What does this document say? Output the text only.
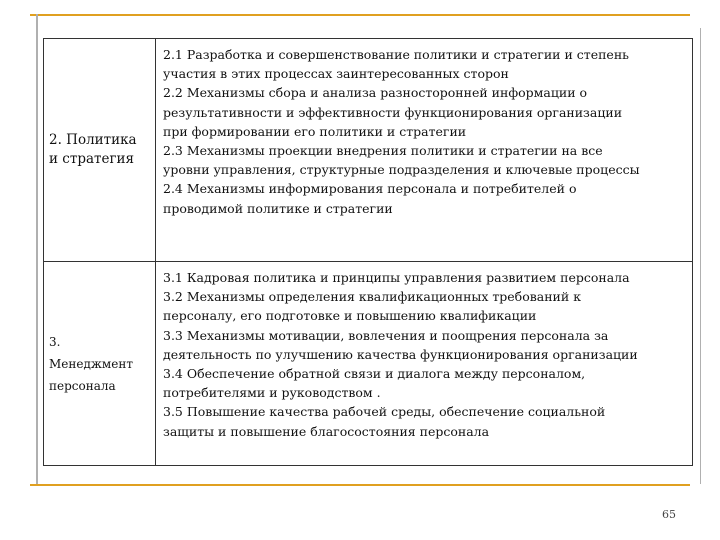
2. Политика
и стратегия
2.1 Разработка и совершенствование политики и стратегии и степень
участия в этих процессах заинтересованных сторон
2.2 Механизмы сбора и анализа разносторонней информации о
результативности и эффективности функционирования организации
при формировании его политики и стратегии
2.3 Механизмы проекции внедрения политики и стратегии на все
уровни управления, структурные подразделения и ключевые процессы
2.4 Механизмы информирования персонала и потребителей о
проводимой политике и стратегии
3.
Менеджмент
персонала
3.1 Кадровая политика и принципы управления развитием персонала
3.2 Механизмы определения квалификационных требований к
персоналу, его подготовке и повышению квалификации
3.3 Механизмы мотивации, вовлечения и поощрения персонала за
деятельность по улучшению качества функционирования организации
3.4 Обеспечение обратной связи и диалога между персоналом,
потребителями и руководством .
3.5 Повышение качества рабочей среды, обеспечение социальной
защиты и повышение благосостояния персонала
65
